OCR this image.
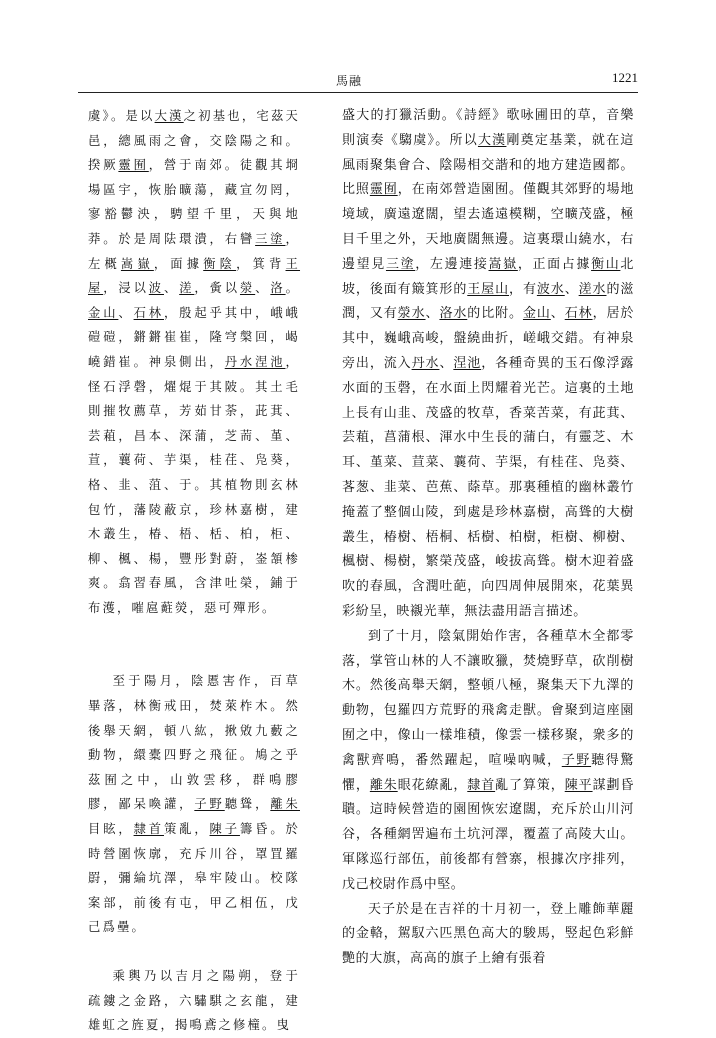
馬融	1221

虞》。是以大漢之初基也，宅茲天邑，總風雨之會，交陰陽之和。揆厥靈囿，營于南郊。徒觀其埛場區宇，恢胎曠蕩，藏宣勿罔，寥豁鬱泱，騁望千里，天與地莽。於是周阹環潰，右矕三塗，左概嵩嶽，面據衡陰，箕背王屋，浸以波、溠，夤以滎、洛。金山、石林，殷起乎其中，峨峨磑磑，鏘鏘崔崔，隆穹槃回，嵑嶢錯崔。神泉側出，丹水涅池，怪石浮磬，燿焜于其陂。其土毛則摧牧薦草，芳茹甘荼，茈萁、芸蒩，昌本、深蒲，芝荋、堇、荁，蘘荷、芋渠，桂荏、凫葵，格、韭、菹、于。其植物則玄林包竹，藩陵蔽京，珍林嘉樹，建木叢生，椿、梧、栝、柏，柜、柳、楓、楊，豐彤對蔚，崟頷椮爽。翕習春風，含津吐榮，鋪于布濩，嗺扈蘣熒，惡可殫形。

至于陽月，陰慝害作，百草畢落，林衡戒田，焚萊柞木。然後舉天網，頓八紘，揪敓九藪之動物，繯橐四野之飛征。鳩之乎茲囿之中，山敦雲移，群鳴膠膠，鄙呆喚讙，子野聽聳，離朱目眩，隸首策亂，陳子籌昏。於時營圍恢廓，充斥川谷，罩罝羅罻，彌綸坑澤，皋牢陵山。校隊案部，前後有屯，甲乙相伍，戊己爲壘。

乘輿乃以吉月之陽朔，登于疏鏤之金路，六驌騏之玄龍，建雄虹之旌夏，揭鳴鳶之修橦。曳

盛大的打獵活動。《詩經》歌咏圃田的草，音樂則演奏《騶虞》。所以大漢剛奠定基業，就在這風雨聚集會合、陰陽相交諧和的地方建造國都。比照靈囿，在南郊營造園囿。僅觀其郊野的場地境域，廣遠遼闊，望去遙遠模糊，空曠茂盛，極目千里之外，天地廣闊無邊。這裏環山繞水，右邊望見三塗，左邊連接嵩嶽，正面占據衡山北坡，後面有簸箕形的王屋山，有波水、溠水的滋潤，又有滎水、洛水的比附。金山、石林，居於其中，巍峨高峻，盤繞曲折，嵯峨交錯。有神泉旁出，流入丹水、涅池，各種奇異的玉石像浮露水面的玉磬，在水面上閃耀着光芒。這裏的土地上長有山韭、茂盛的牧草，香菜苦菜，有茈萁、芸蒩，菖蒲根、渾水中生長的蒲白，有靈芝、木耳、堇菜、荁菜、蘘荷、芋渠，有桂荏、凫葵、茖葱、韭菜、芭蕉、蒢草。那裏種植的幽林叢竹掩蓋了整個山陵，到處是珍林嘉樹，高聳的大樹叢生，椿樹、梧桐、栝樹、柏樹，柜樹、柳樹、楓樹、楊樹，繁榮茂盛，峻拔高聳。樹木迎着盛吹的春風，含潤吐葩，向四周伸展開來，花葉異彩紛呈，映襯光華，無法盡用語言描述。

到了十月，陰氣開始作害，各種草木全都零落，掌管山林的人不讓畋獵，焚燒野草，砍削樹木。然後高舉天網，整頓八極，聚集天下九澤的動物，包羅四方荒野的飛禽走獸。會聚到這座園囿之中，像山一樣堆積，像雲一樣移聚，衆多的禽獸齊鳴，番然躍起，喧噪吶喊，子野聽得驚懼，離朱眼花繚亂，隸首亂了算策，陳平謀劃昏聵。這時候營造的園囿恢宏遼闊，充斥於山川河谷，各種網罟遍布土坑河澤，覆蓋了高陵大山。軍隊巡行部伍，前後都有營寨，根據次序排列，戊己校尉作爲中堅。

天子於是在吉祥的十月初一，登上雕飾華麗的金輅，駕馭六匹黑色高大的駿馬，竪起色彩鮮艷的大旗，高高的旗子上繪有張着
